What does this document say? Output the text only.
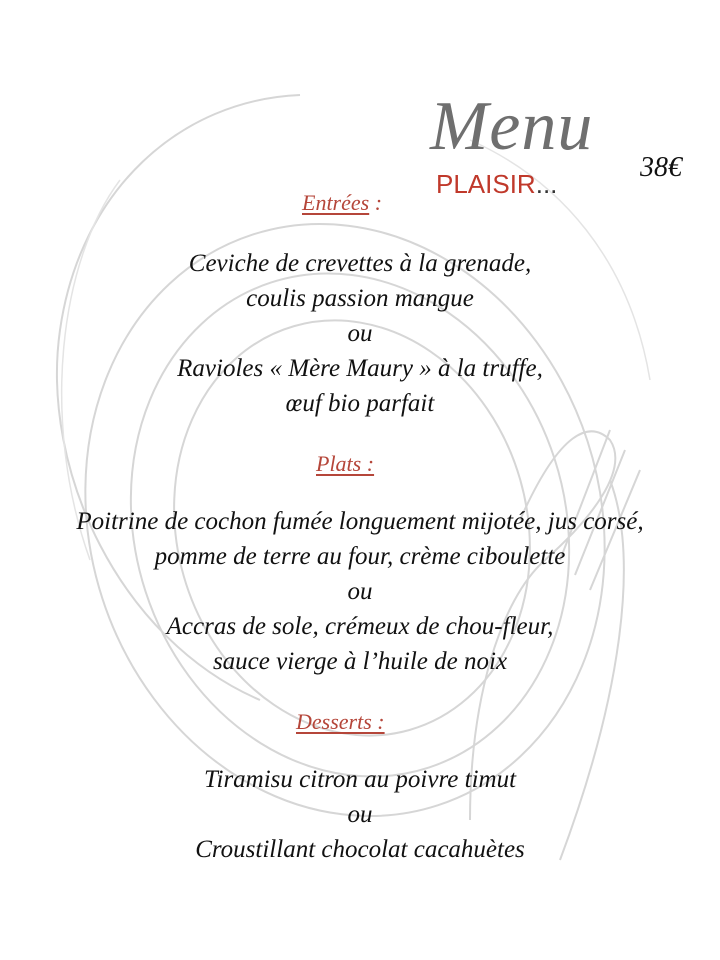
Menu
PLAISIR...
38€
Entrées :
Ceviche de crevettes à la grenade,
coulis passion mangue
ou
Ravioles « Mère Maury » à la truffe,
œuf bio parfait
Plats :
Poitrine de cochon fumée longuement mijotée, jus corsé,
pomme de terre au four, crème ciboulette
ou
Accras de sole, crémeux de chou-fleur,
sauce vierge à l’huile de noix
Desserts :
Tiramisu citron au poivre timut
ou
Croustillant chocolat cacahuètes
